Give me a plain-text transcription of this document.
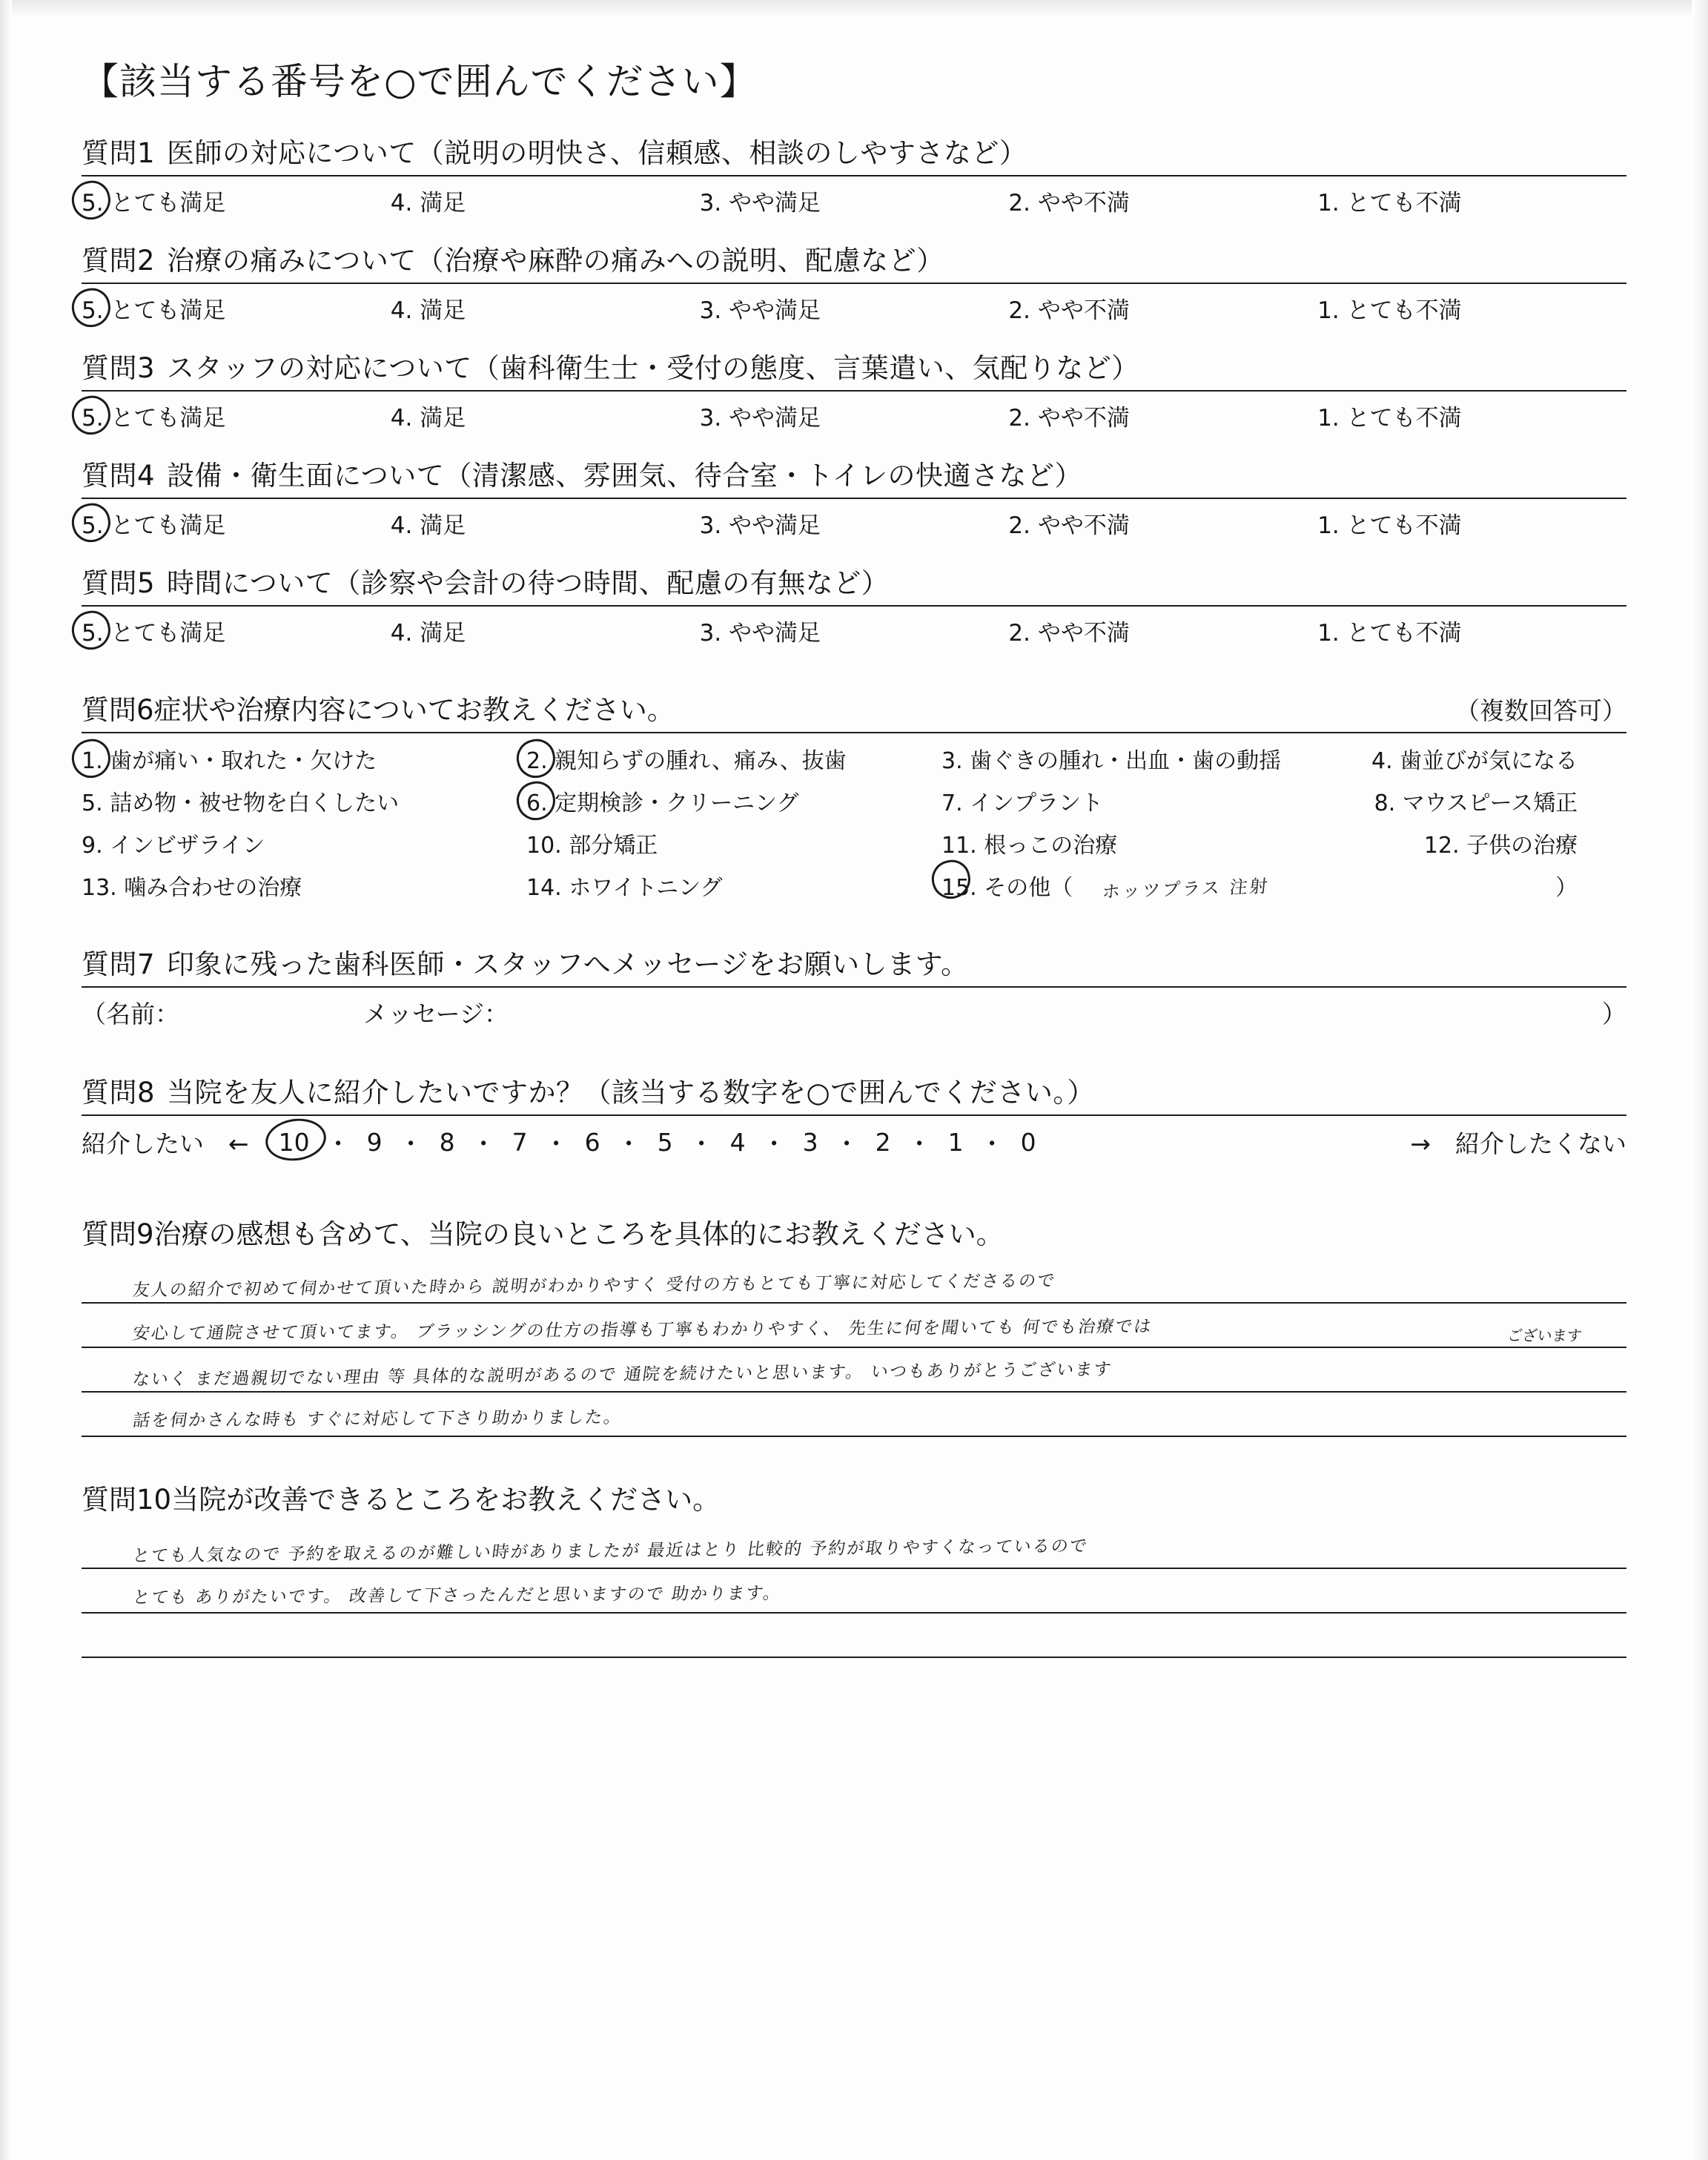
【該当する番号を○で囲んでください】
質問1 医師の対応について（説明の明快さ、信頼感、相談のしやすさなど）
5. とても満足	4. 満足	3. やや満足	2. やや不満	1. とても不満
質問2 治療の痛みについて（治療や麻酔の痛みへの説明、配慮など）
5. とても満足	4. 満足	3. やや満足	2. やや不満	1. とても不満
質問3 スタッフの対応について（歯科衛生士・受付の態度、言葉遣い、気配りなど）
5. とても満足	4. 満足	3. やや満足	2. やや不満	1. とても不満
質問4 設備・衛生面について（清潔感、雰囲気、待合室・トイレの快適さなど）
5. とても満足	4. 満足	3. やや満足	2. やや不満	1. とても不満
質問5 時間について（診察や会計の待つ時間、配慮の有無など）
5. とても満足	4. 満足	3. やや満足	2. やや不満	1. とても不満
質問6症状や治療内容についてお教えください。	（複数回答可）
1. 歯が痛い・取れた・欠けた	2. 親知らずの腫れ、痛み、抜歯	3. 歯ぐきの腫れ・出血・歯の動揺	4. 歯並びが気になる
5. 詰め物・被せ物を白くしたい	6. 定期検診・クリーニング	7. インプラント	8. マウスピース矯正
9. インビザライン	10. 部分矯正	11. 根っこの治療	12. 子供の治療
13. 噛み合わせの治療	14. ホワイトニング	15. その他（ ホッツプラス 注射	）
質問7 印象に残った歯科医師・スタッフへメッセージをお願いします。
（名前：	メッセージ：	）
質問8 当院を友人に紹介したいですか？（該当する数字を○で囲んでください。）
紹介したい　← 10 ・ 9 ・ 8 ・ 7 ・ 6 ・ 5 ・ 4 ・ 3 ・ 2 ・ 1 ・ 0	→　紹介したくない
質問9治療の感想も含めて、当院の良いところを具体的にお教えください。
友人の紹介で初めて伺かせて頂いた時から 説明がわかりやすく 受付の方もとても丁寧に対応してくださるので
安心して通院させて頂いてます。 ブラッシングの仕方の指導も丁寧もわかりやすく、 先生に何を聞いても 何でも治療では
ないく まだ過親切でない理由 等 具体的な説明があるので 通院を続けたいと思います。 いつもありがとうございます
ございます
話を伺かさんな時も すぐに対応して下さり助かりました。
質問10当院が改善できるところをお教えください。
とても人気なので 予約を取えるのが難しい時がありましたが 最近はとり 比較的 予約が取りやすくなっているので
とても ありがたいです。 改善して下さったんだと思いますので 助かります。
